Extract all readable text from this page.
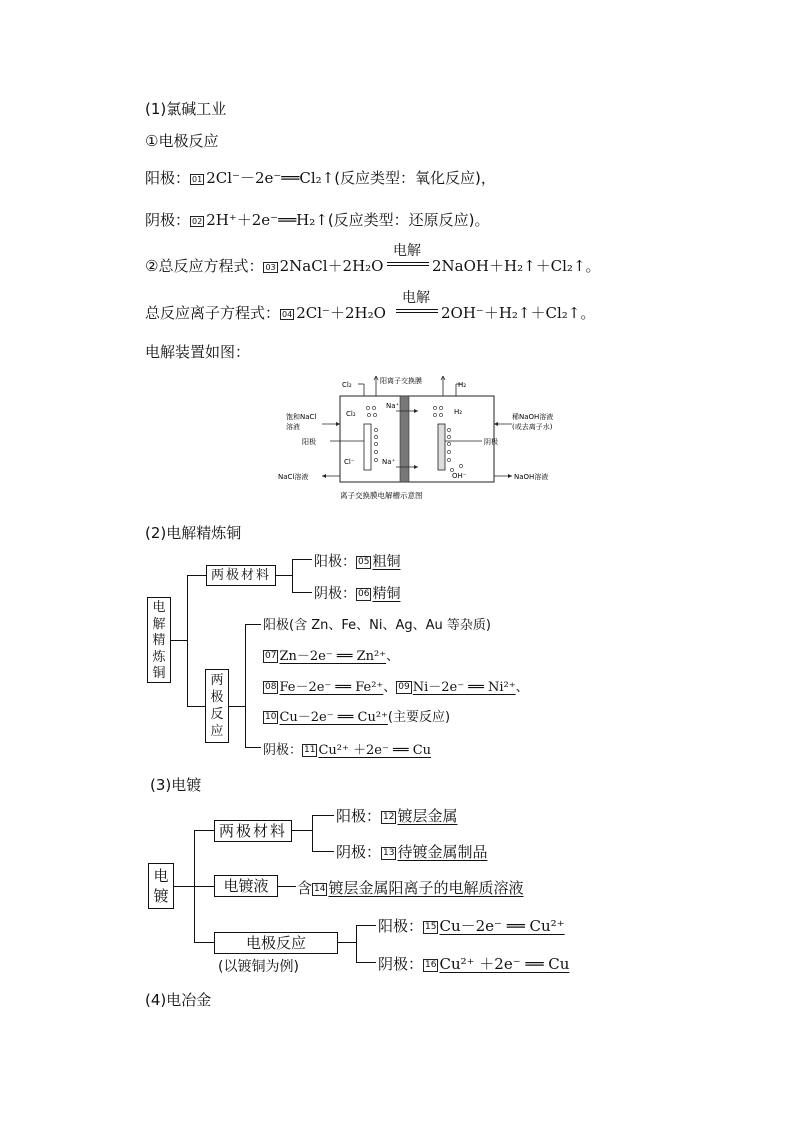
(1)氯碱工业
①电极反应
阳极： 01 2Cl⁻－2e⁻══Cl₂↑(反应类型：氧化反应)，
阴极： 02 2H⁺＋2e⁻══H₂↑(反应类型：还原反应)。
②总反应方程式： 03 2NaCl＋2H₂O
电解
2NaOH＋H₂↑＋Cl₂↑。
总反应离子方程式： 04 2Cl⁻＋2H₂O
电解
2OH⁻＋H₂↑＋Cl₂↑。
电解装置如图：
Cl₂	阳离子交换膜	H₂
Cl₂
Na⁺
H₂
Cl⁻	Na⁺
OH⁻
饱和NaCl
溶液
阳极
NaCl溶液
稀NaOH溶液
(或去离子水)
阴极
NaOH溶液
离子交换膜电解槽示意图
(2)电解精炼铜
电
解
精
炼
铜
两极材料
阳极： 05 粗铜
阴极： 06 精铜
两
极
反
应
阳极(含 Zn、Fe、Ni、Ag、Au 等杂质)
07 Zn－2e⁻ ══ Zn²⁺、
08 Fe－2e⁻ ══ Fe²⁺、 09 Ni－2e⁻ ══ Ni²⁺、
10 Cu－2e⁻ ══ Cu²⁺(主要反应)
阴极： 11 Cu²⁺ ＋2e⁻ ══ Cu
(3)电镀
电
镀
两极材料
阳极： 12 镀层金属
阴极： 13 待镀金属制品
电镀液	含 14 镀层金属阳离子的电解质溶液
电极反应
(以镀铜为例)
阳极： 15 Cu－2e⁻ ══ Cu²⁺
阴极： 16 Cu²⁺ ＋2e⁻ ══ Cu
(4)电冶金
